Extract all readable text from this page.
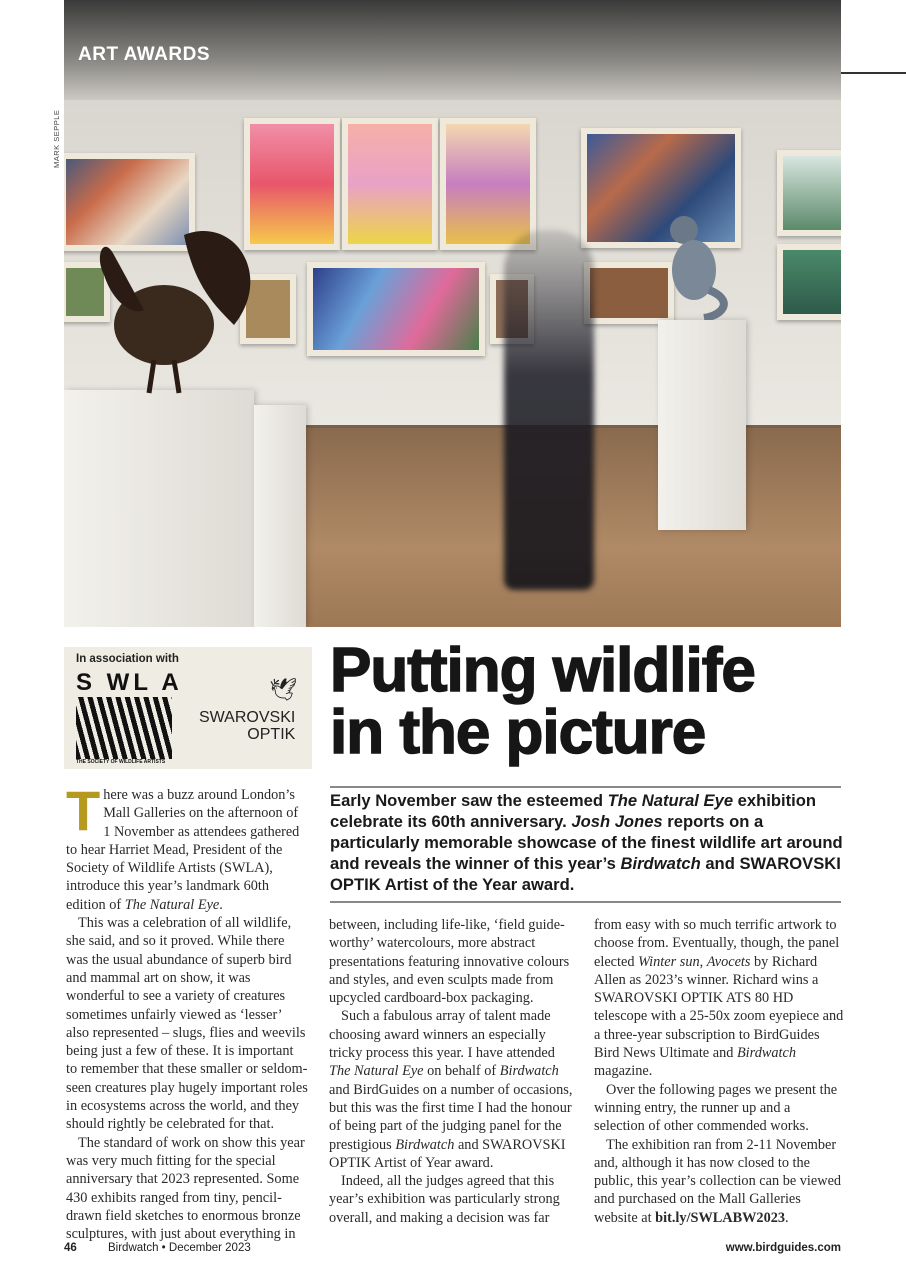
ART AWARDS
MARK SEPPLE
In association with
S WL A
THE SOCIETY OF WILDLIFE ARTISTS
🕊
SWAROVSKI
OPTIK
Putting wildlife
in the picture
Early November saw the esteemed The Natural Eye exhibition celebrate its 60th anniversary. Josh Jones reports on a particularly memorable showcase of the finest wildlife art around and reveals the winner of this year’s Birdwatch and SWAROVSKI OPTIK Artist of the Year award.

There was a buzz around London’s Mall Galleries on the afternoon of 1 November as attendees gathered to hear Harriet Mead, President of the Society of Wildlife Artists (SWLA), introduce this year’s landmark 60th edition of The Natural Eye.

This was a celebration of all wildlife, she said, and so it proved. While there was the usual abundance of superb bird and mammal art on show, it was wonderful to see a variety of creatures sometimes unfairly viewed as ‘lesser’ also represented – slugs, flies and weevils being just a few of these. It is important to remember that these smaller or seldom-seen creatures play hugely important roles in ecosystems across the world, and they should rightly be celebrated for that.

The standard of work on show this year was very much fitting for the special anniversary that 2023 represented. Some 430 exhibits ranged from tiny, pencil-drawn field sketches to enormous bronze sculptures, with just about everything in

between, including life-like, ‘field guide-worthy’ watercolours, more abstract presentations featuring innovative colours and styles, and even sculpts made from upcycled cardboard-box packaging.

Such a fabulous array of talent made choosing award winners an especially tricky process this year. I have attended The Natural Eye on behalf of Birdwatch and BirdGuides on a number of occasions, but this was the first time I had the honour of being part of the judging panel for the prestigious Birdwatch and SWAROVSKI OPTIK Artist of Year award.

Indeed, all the judges agreed that this year’s exhibition was particularly strong overall, and making a decision was far

from easy with so much terrific artwork to choose from. Eventually, though, the panel elected Winter sun, Avocets by Richard Allen as 2023’s winner. Richard wins a SWAROVSKI OPTIK ATS 80 HD telescope with a 25-50x zoom eyepiece and a three-year subscription to BirdGuides Bird News Ultimate and Birdwatch magazine.

Over the following pages we present the winning entry, the runner up and a selection of other commended works.

The exhibition ran from 2-11 November and, although it has now closed to the public, this year’s collection can be viewed and purchased on the Mall Galleries website at bit.ly/SWLABW2023.

46	Birdwatch • December 2023	www.birdguides.com
